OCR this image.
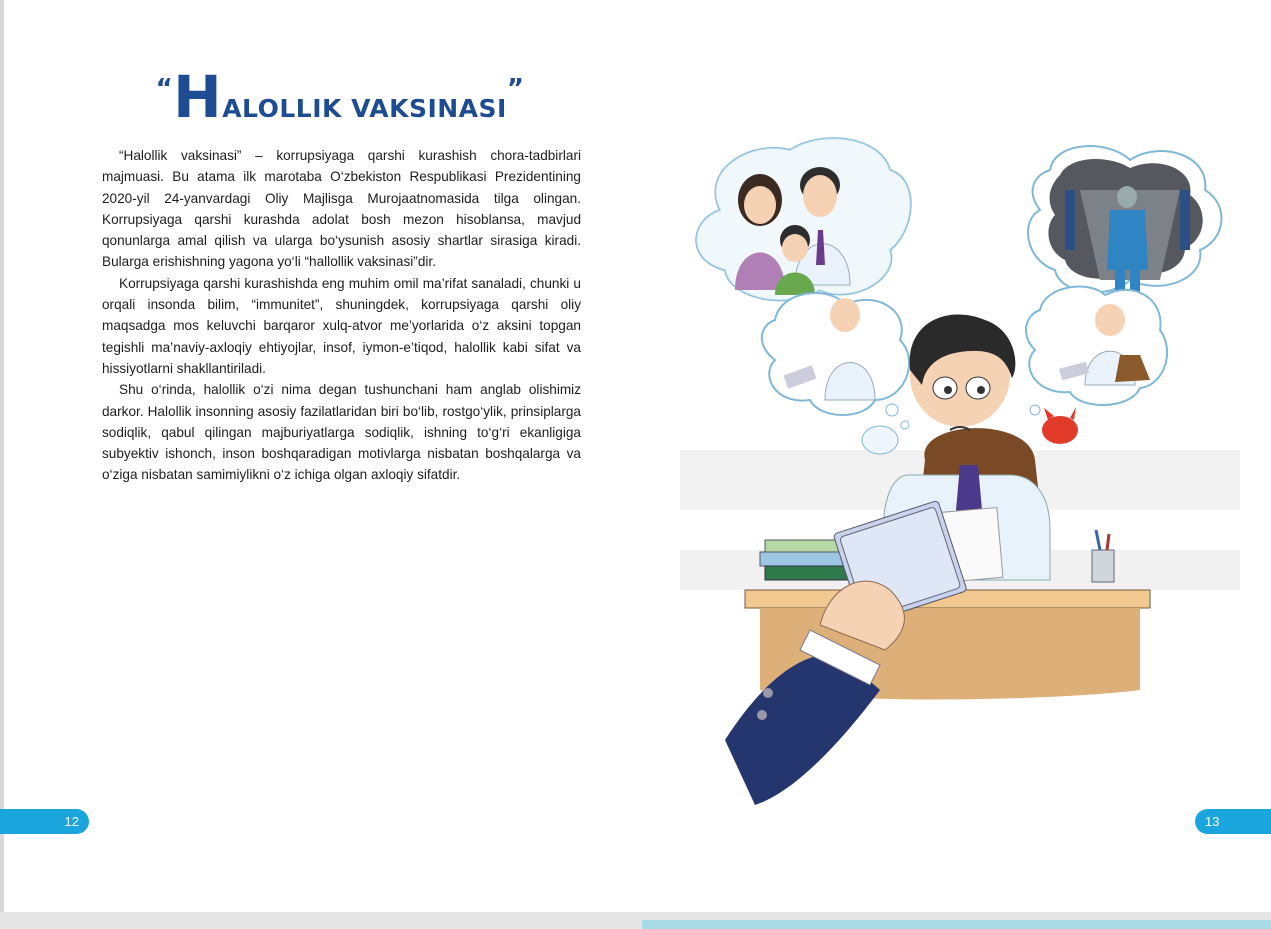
“HALOLLIK VAKSINASI”

“Halollik vaksinasi” – korrupsiyaga qarshi kurashish chora-tadbirlari majmuasi. Bu atama ilk marotaba O‘zbekiston Respublikasi Prezidentining 2020-yil 24-yanvardagi Oliy Majlisga Murojaatnomasida tilga olingan. Korrupsiyaga qarshi kurashda adolat bosh mezon hisoblansa, mavjud qonunlarga amal qilish va ularga bo‘ysunish asosiy shartlar sirasiga kiradi. Bularga erishishning yagona yo‘li “hallollik vaksinasi”dir.

Korrupsiyaga qarshi kurashishda eng muhim omil ma’rifat sanaladi, chunki u orqali insonda bilim, “immunitet”, shuningdek, korrupsiyaga qarshi oliy maqsadga mos keluvchi barqaror xulq-atvor me’yorlarida o‘z aksini topgan tegishli ma’naviy-axloqiy ehtiyojlar, insof, iymon-e’tiqod, halollik kabi sifat va hissiyotlarni shakllantiriladi.

Shu o‘rinda, halollik o‘zi nima degan tushunchani ham anglab olishimiz darkor. Halollik insonning asosiy fazilatlaridan biri bo‘lib, rostgo‘ylik, prinsiplarga sodiqlik, qabul qilingan majburiyatlarga sodiqlik, ishning to‘g‘ri ekanligiga subyektiv ishonch, inson boshqaradigan motivlarga nisbatan boshqalarga va o‘ziga nisbatan samimiylikni o‘z ichiga olgan axloqiy sifatdir.

12	13
